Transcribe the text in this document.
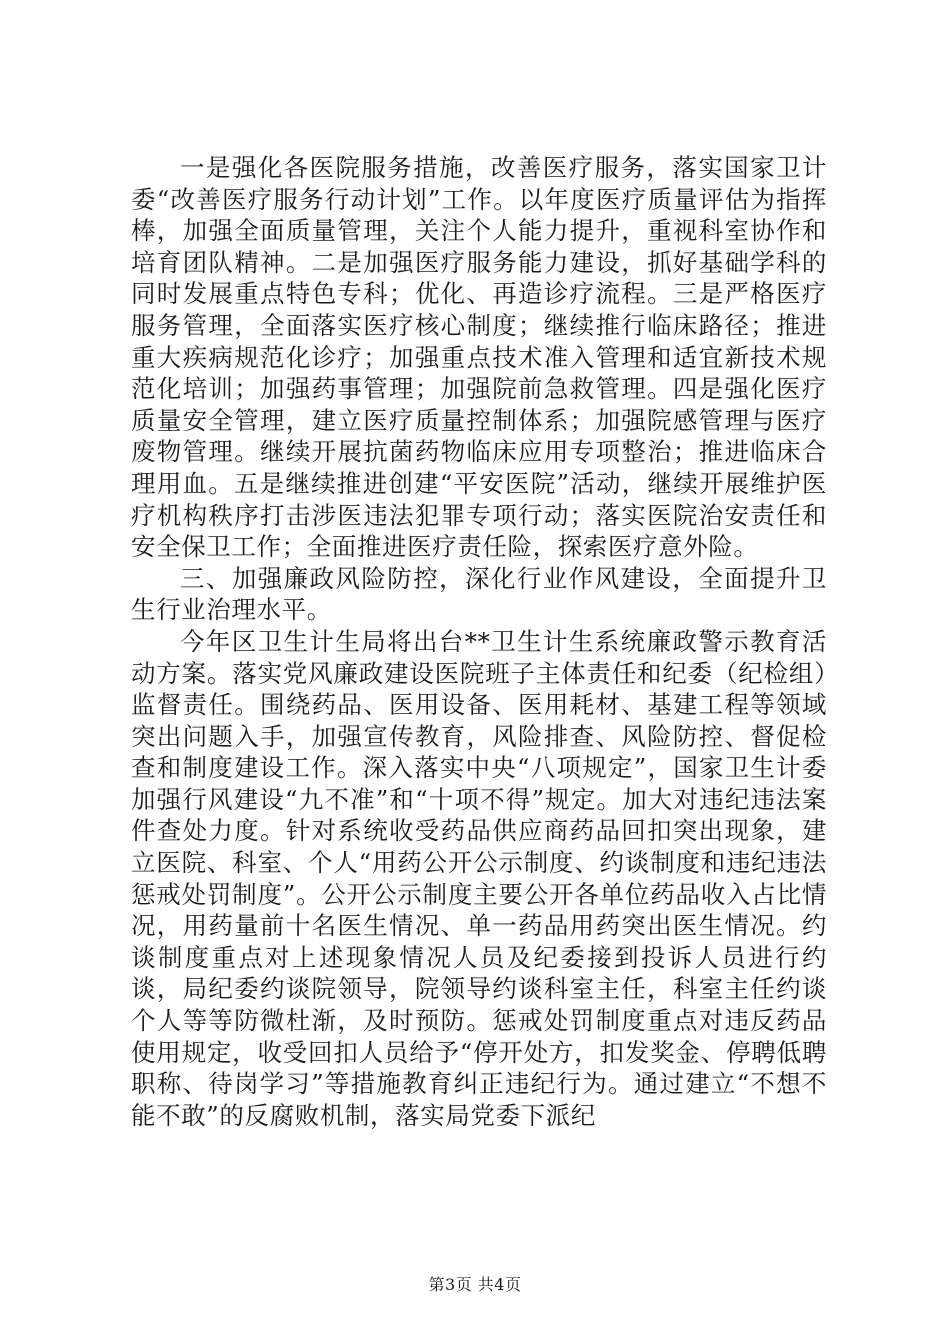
一是强化各医院服务措施，改善医疗服务，落实国家卫计委“改善医疗服务行动计划”工作。以年度医疗质量评估为指挥棒，加强全面质量管理，关注个人能力提升，重视科室协作和培育团队精神。二是加强医疗服务能力建设，抓好基础学科的同时发展重点特色专科；优化、再造诊疗流程。三是严格医疗服务管理，全面落实医疗核心制度；继续推行临床路径；推进重大疾病规范化诊疗；加强重点技术准入管理和适宜新技术规范化培训；加强药事管理；加强院前急救管理。四是强化医疗质量安全管理，建立医疗质量控制体系；加强院感管理与医疗废物管理。继续开展抗菌药物临床应用专项整治；推进临床合理用血。五是继续推进创建“平安医院”活动，继续开展维护医疗机构秩序打击涉医违法犯罪专项行动；落实医院治安责任和安全保卫工作；全面推进医疗责任险，探索医疗意外险。

三、加强廉政风险防控，深化行业作风建设，全面提升卫生行业治理水平。

今年区卫生计生局将出台**卫生计生系统廉政警示教育活动方案。落实党风廉政建设医院班子主体责任和纪委（纪检组）监督责任。围绕药品、医用设备、医用耗材、基建工程等领域突出问题入手，加强宣传教育，风险排查、风险防控、督促检查和制度建设工作。深入落实中央“八项规定”，国家卫生计委加强行风建设“九不准”和“十项不得”规定。加大对违纪违法案件查处力度。针对系统收受药品供应商药品回扣突出现象，建立医院、科室、个人“用药公开公示制度、约谈制度和违纪违法惩戒处罚制度”。公开公示制度主要公开各单位药品收入占比情况，用药量前十名医生情况、单一药品用药突出医生情况。约谈制度重点对上述现象情况人员及纪委接到投诉人员进行约谈，局纪委约谈院领导，院领导约谈科室主任，科室主任约谈个人等等防微杜渐，及时预防。惩戒处罚制度重点对违反药品使用规定，收受回扣人员给予“停开处方，扣发奖金、停聘低聘职称、待岗学习”等措施教育纠正违纪行为。通过建立“不想不能不敢”的反腐败机制，落实局党委下派纪

第3页 共4页
